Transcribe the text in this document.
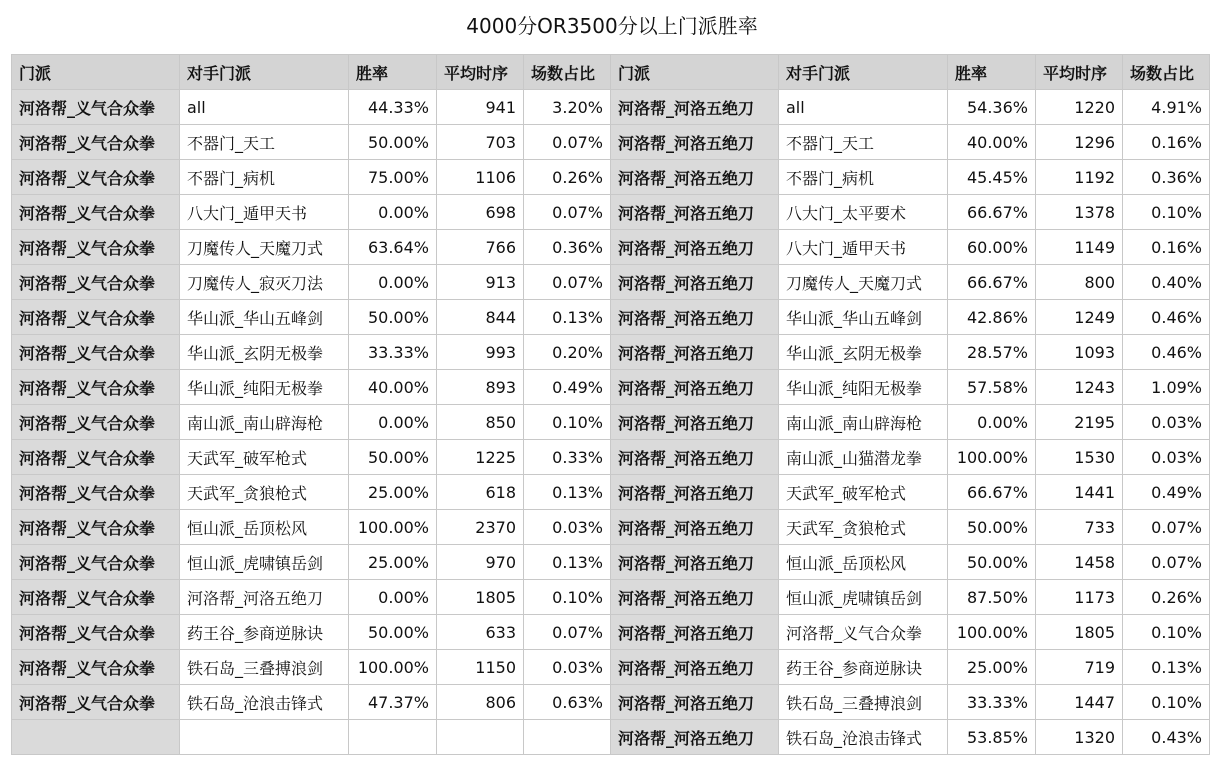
4000分OR3500分以上门派胜率
门派	对手门派	胜率	平均时序	场数占比	门派	对手门派	胜率	平均时序	场数占比
河洛帮_义气合众拳	all	44.33%	941	3.20%	河洛帮_河洛五绝刀	all	54.36%	1220	4.91%
河洛帮_义气合众拳	不器门_天工	50.00%	703	0.07%	河洛帮_河洛五绝刀	不器门_天工	40.00%	1296	0.16%
河洛帮_义气合众拳	不器门_病机	75.00%	1106	0.26%	河洛帮_河洛五绝刀	不器门_病机	45.45%	1192	0.36%
河洛帮_义气合众拳	八大门_遁甲天书	0.00%	698	0.07%	河洛帮_河洛五绝刀	八大门_太平要术	66.67%	1378	0.10%
河洛帮_义气合众拳	刀魔传人_天魔刀式	63.64%	766	0.36%	河洛帮_河洛五绝刀	八大门_遁甲天书	60.00%	1149	0.16%
河洛帮_义气合众拳	刀魔传人_寂灭刀法	0.00%	913	0.07%	河洛帮_河洛五绝刀	刀魔传人_天魔刀式	66.67%	800	0.40%
河洛帮_义气合众拳	华山派_华山五峰剑	50.00%	844	0.13%	河洛帮_河洛五绝刀	华山派_华山五峰剑	42.86%	1249	0.46%
河洛帮_义气合众拳	华山派_玄阴无极拳	33.33%	993	0.20%	河洛帮_河洛五绝刀	华山派_玄阴无极拳	28.57%	1093	0.46%
河洛帮_义气合众拳	华山派_纯阳无极拳	40.00%	893	0.49%	河洛帮_河洛五绝刀	华山派_纯阳无极拳	57.58%	1243	1.09%
河洛帮_义气合众拳	南山派_南山辟海枪	0.00%	850	0.10%	河洛帮_河洛五绝刀	南山派_南山辟海枪	0.00%	2195	0.03%
河洛帮_义气合众拳	天武军_破军枪式	50.00%	1225	0.33%	河洛帮_河洛五绝刀	南山派_山猫潜龙拳	100.00%	1530	0.03%
河洛帮_义气合众拳	天武军_贪狼枪式	25.00%	618	0.13%	河洛帮_河洛五绝刀	天武军_破军枪式	66.67%	1441	0.49%
河洛帮_义气合众拳	恒山派_岳顶松风	100.00%	2370	0.03%	河洛帮_河洛五绝刀	天武军_贪狼枪式	50.00%	733	0.07%
河洛帮_义气合众拳	恒山派_虎啸镇岳剑	25.00%	970	0.13%	河洛帮_河洛五绝刀	恒山派_岳顶松风	50.00%	1458	0.07%
河洛帮_义气合众拳	河洛帮_河洛五绝刀	0.00%	1805	0.10%	河洛帮_河洛五绝刀	恒山派_虎啸镇岳剑	87.50%	1173	0.26%
河洛帮_义气合众拳	药王谷_参商逆脉诀	50.00%	633	0.07%	河洛帮_河洛五绝刀	河洛帮_义气合众拳	100.00%	1805	0.10%
河洛帮_义气合众拳	铁石岛_三叠搏浪剑	100.00%	1150	0.03%	河洛帮_河洛五绝刀	药王谷_参商逆脉诀	25.00%	719	0.13%
河洛帮_义气合众拳	铁石岛_沧浪击锋式	47.37%	806	0.63%	河洛帮_河洛五绝刀	铁石岛_三叠搏浪剑	33.33%	1447	0.10%
					河洛帮_河洛五绝刀	铁石岛_沧浪击锋式	53.85%	1320	0.43%
